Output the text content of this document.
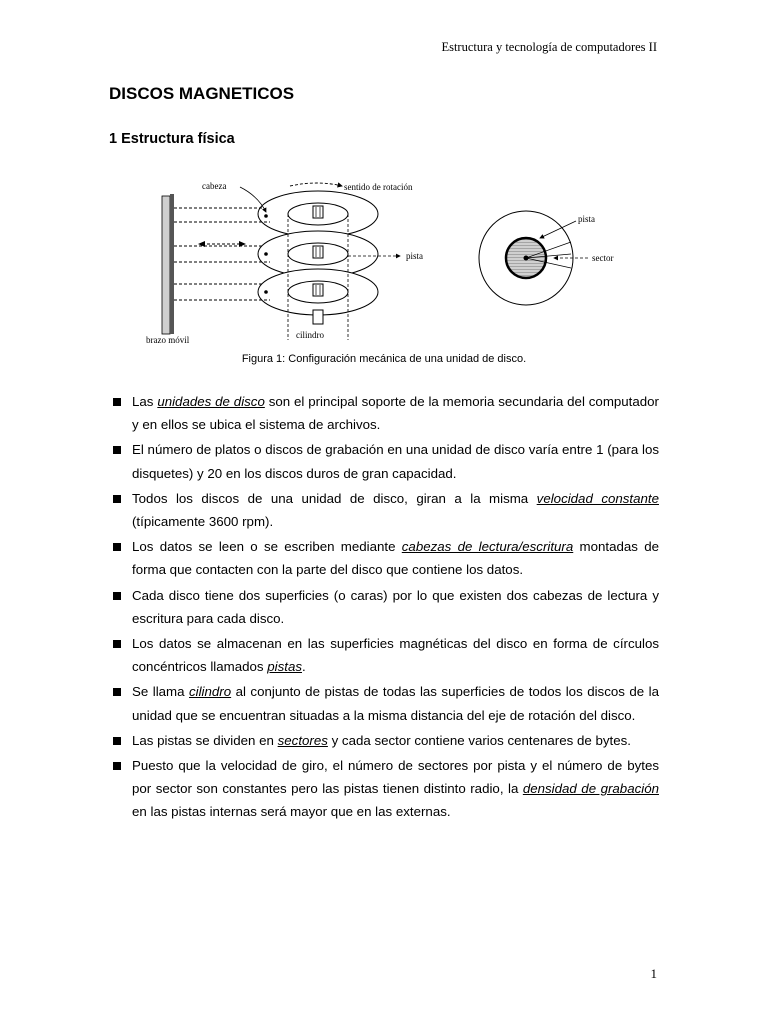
Estructura y tecnología de computadores II
DISCOS MAGNETICOS
1 Estructura física
cabeza	sentido de rotación
pista
cilindro
brazo móvil
pista
sector
Figura 1: Configuración mecánica de una unidad de disco.
Las unidades de disco son el principal soporte de la memoria secundaria del computador y en ellos se ubica el sistema de archivos.
El número de platos o discos de grabación en una unidad de disco varía entre 1 (para los disquetes) y 20 en los discos duros de gran capacidad.
Todos los discos de una unidad de disco, giran a la misma velocidad constante (típicamente 3600 rpm).
Los datos se leen o se escriben mediante cabezas de lectura/escritura montadas de forma que contacten con la parte del disco que contiene los datos.
Cada disco tiene dos superficies (o caras) por lo que existen dos cabezas de lectura y escritura para cada disco.
Los datos se almacenan en las superficies magnéticas del disco en forma de círculos concéntricos llamados pistas.
Se llama cilindro al conjunto de pistas de todas las superficies de todos los discos de la unidad que se encuentran situadas a la misma distancia del eje de rotación del disco.
Las pistas se dividen en sectores y cada sector contiene varios centenares de bytes.
Puesto que la velocidad de giro, el número de sectores por pista y el número de bytes por sector son constantes pero las pistas tienen distinto radio, la densidad de grabación en las pistas internas será mayor que en las externas.
1
